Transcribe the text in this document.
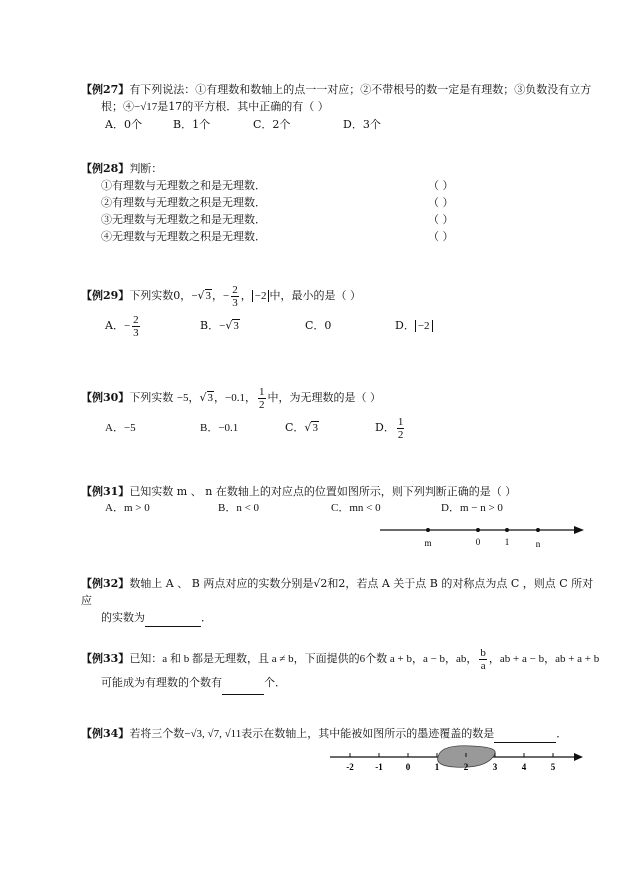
【例27】有下列说法：①有理数和数轴上的点一一对应；②不带根号的数一定是有理数；③负数没有立方
根；④−√17是17的平方根．其中正确的有（ ）
A．0个	B．1个	C．2个	D．3个
【例28】判断：
①有理数与无理数之和是无理数．	（ ）
②有理数与无理数之积是无理数．	（ ）
③无理数与无理数之和是无理数．	（ ）
④无理数与无理数之积是无理数．	（ ）
【例29】下列实数0，−√3，− $\frac{2}{3}$ ， −2 中，最小的是（ ）
A．− $\frac{2}{3}$	B．−√3	C．0	D． −2
【例30】下列实数 −5，√3，−0.1， $\frac{1}{2}$ 中，为无理数的是（ ）
A．−5	B．−0.1	C．√3	D． $\frac{1}{2}$
【例31】已知实数 m 、 n 在数轴上的对应点的位置如图所示，则下列判断正确的是（ ）
A．m > 0	B．n < 0	C．mn < 0	D．m − n > 0
m	0	1	n
【例32】数轴上 A 、 B 两点对应的实数分别是√2和2，若点 A 关于点 B 的对称点为点 C ，则点 C 所对应
的实数为	．
【例33】已知：a 和 b 都是无理数，且 a ≠ b，下面提供的6个数 a + b，a − b，ab， $\frac{b}{a}$ ，ab + a − b，ab + a + b
可能成为有理数的个数有	个．
【例34】若将三个数−√3, √7, √11表示在数轴上，其中能被如图所示的墨迹覆盖的数是	．
-2 -1	0	1	2	3	4	5
